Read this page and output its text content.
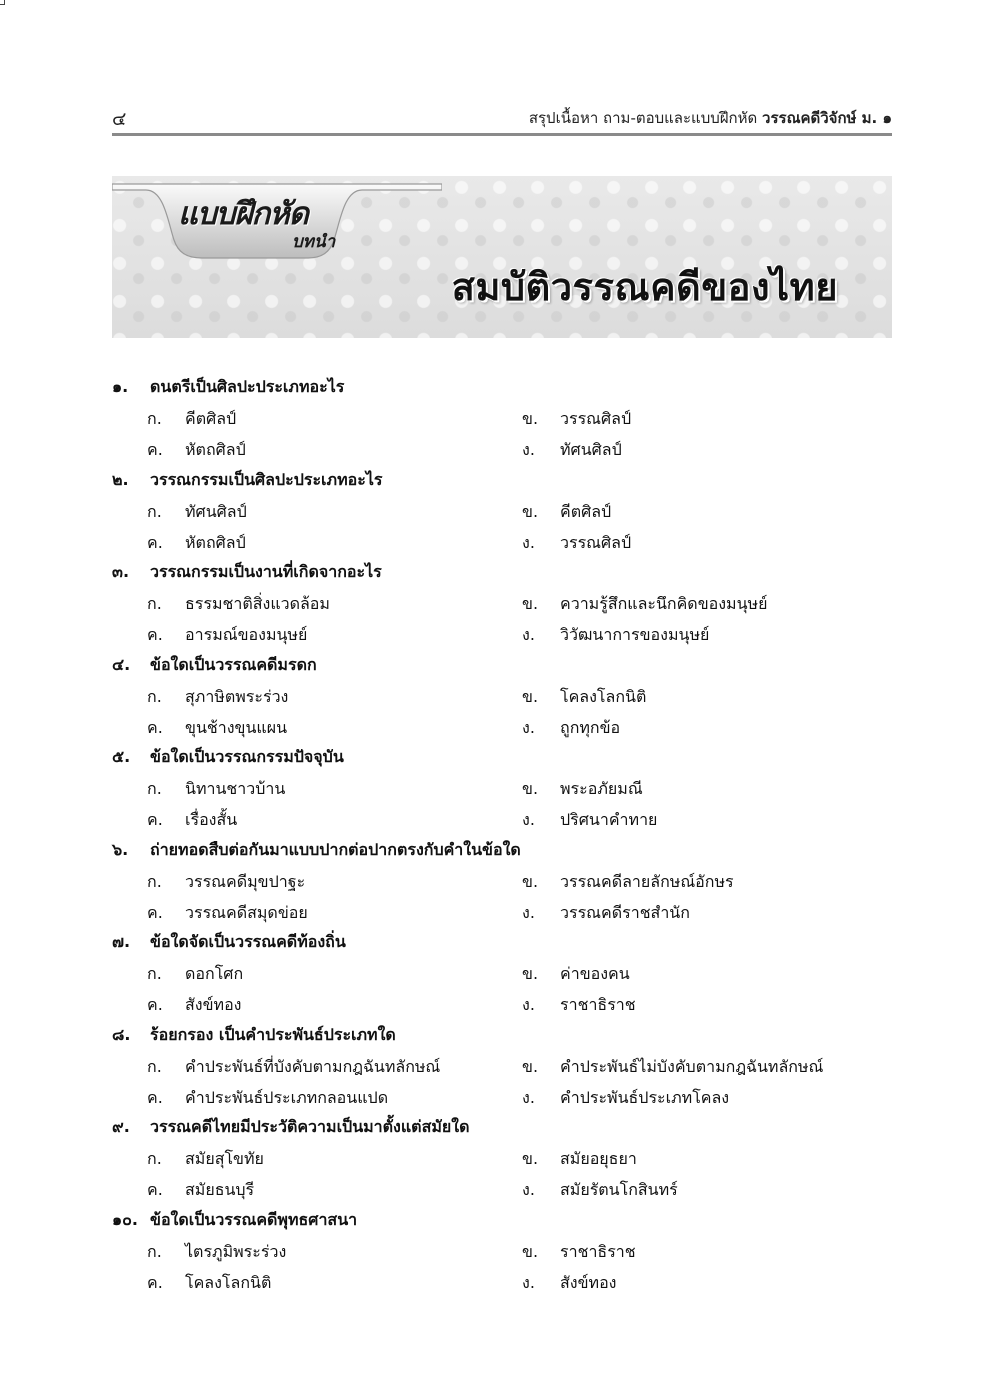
๔	สรุปเนื้อหา ถาม-ตอบและแบบฝึกหัด วรรณคดีวิจักษ์ ม. ๑
แบบฝึกหัด
บทนำ
สมบัติวรรณคดีของไทย
๑. ดนตรีเป็นศิลปะประเภทอะไร
ก. คีตศิลป์	ข. วรรณศิลป์
ค. หัตถศิลป์	ง. ทัศนศิลป์
๒. วรรณกรรมเป็นศิลปะประเภทอะไร
ก. ทัศนศิลป์	ข. คีตศิลป์
ค. หัตถศิลป์	ง. วรรณศิลป์
๓. วรรณกรรมเป็นงานที่เกิดจากอะไร
ก. ธรรมชาติสิ่งแวดล้อม	ข. ความรู้สึกและนึกคิดของมนุษย์
ค. อารมณ์ของมนุษย์	ง. วิวัฒนาการของมนุษย์
๔. ข้อใดเป็นวรรณคดีมรดก
ก. สุภาษิตพระร่วง	ข. โคลงโลกนิติ
ค. ขุนช้างขุนแผน	ง. ถูกทุกข้อ
๕. ข้อใดเป็นวรรณกรรมปัจจุบัน
ก. นิทานชาวบ้าน	ข. พระอภัยมณี
ค. เรื่องสั้น	ง. ปริศนาคำทาย
๖. ถ่ายทอดสืบต่อกันมาแบบปากต่อปากตรงกับคำในข้อใด
ก. วรรณคดีมุขปาฐะ	ข. วรรณคดีลายลักษณ์อักษร
ค. วรรณคดีสมุดข่อย	ง. วรรณคดีราชสำนัก
๗. ข้อใดจัดเป็นวรรณคดีท้องถิ่น
ก. ดอกโศก	ข. ค่าของคน
ค. สังข์ทอง	ง. ราชาธิราช
๘. ร้อยกรอง เป็นคำประพันธ์ประเภทใด
ก. คำประพันธ์ที่บังคับตามกฎฉันทลักษณ์	ข. คำประพันธ์ไม่บังคับตามกฎฉันทลักษณ์
ค. คำประพันธ์ประเภทกลอนแปด	ง. คำประพันธ์ประเภทโคลง
๙. วรรณคดีไทยมีประวัติความเป็นมาตั้งแต่สมัยใด
ก. สมัยสุโขทัย	ข. สมัยอยุธยา
ค. สมัยธนบุรี	ง. สมัยรัตนโกสินทร์
๑๐. ข้อใดเป็นวรรณคดีพุทธศาสนา
ก. ไตรภูมิพระร่วง	ข. ราชาธิราช
ค. โคลงโลกนิติ	ง. สังข์ทอง
